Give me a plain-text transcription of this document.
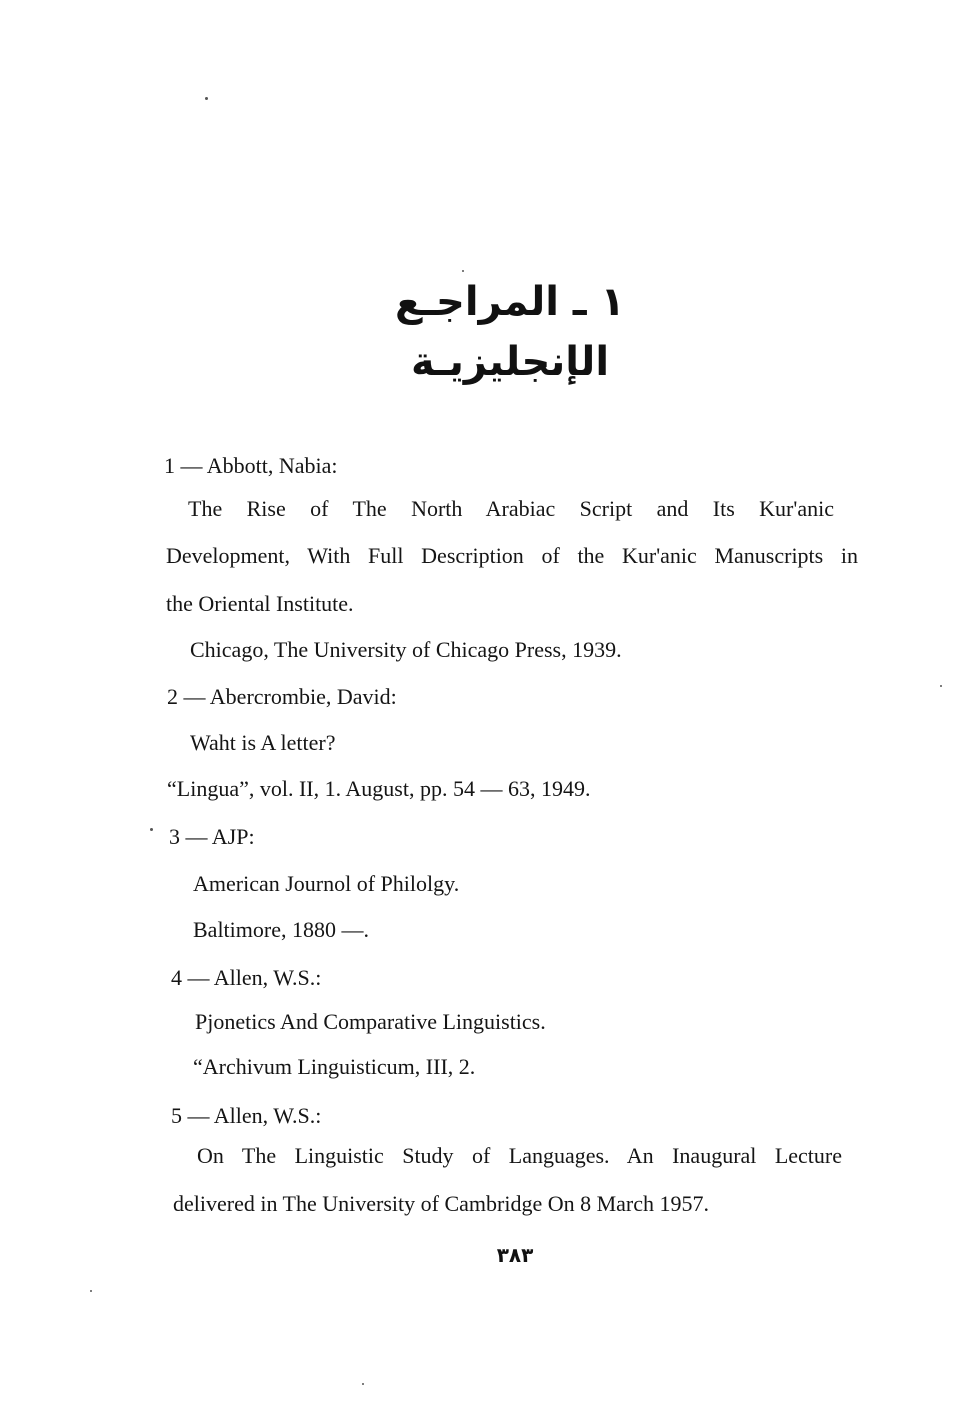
١ ـ المراجـع الإنجليزيـة
1 — Abbott, Nabia:
The Rise of The North Arabiac Script and Its Kur'anic
Development, With Full Description of the Kur'anic Manuscripts in
the Oriental Institute.
Chicago, The University of Chicago Press, 1939.
2 — Abercrombie, David:
Waht is A letter?
“Lingua”, vol. II, 1. August, pp. 54 — 63, 1949.
3 — AJP:
American Journol of Philolgy.
Baltimore, 1880 —.
4 — Allen, W.S.:
Pjonetics And Comparative Linguistics.
“Archivum Linguisticum, III, 2.
5 — Allen, W.S.:
On The Linguistic Study of Languages. An Inaugural Lecture
delivered in The University of Cambridge On 8 March 1957.
٣٨٣
